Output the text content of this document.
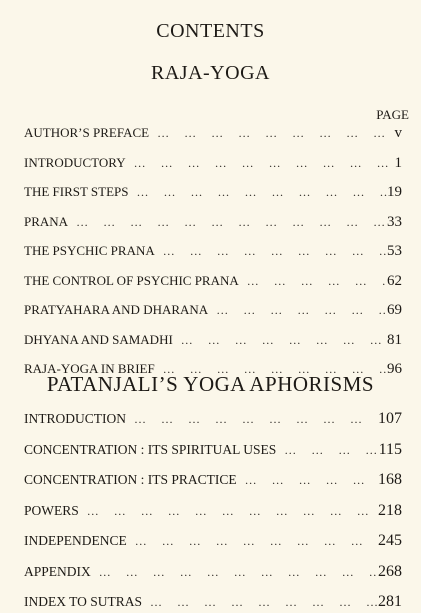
CONTENTS
RAJA-YOGA
PAGE
AUTHOR’S PREFACE … … … … … … … … … … … … … … … … … … … … … …	v
INTRODUCTORY … … … … … … … … … … … … … … … … … … … … … …	1
THE FIRST STEPS … … … … … … … … … … … … … … … … … … … … … …	19
PRANA … … … … … … … … … … … … … … … … … … … … … …	33
THE PSYCHIC PRANA … … … … … … … … … … … … … … … … … … … … … …	53
THE CONTROL OF PSYCHIC PRANA … … … … … … … … … … … … … … … … … … … … … …	62
PRATYAHARA AND DHARANA … … … … … … … … … … … … … … … … … … … … … …	69
DHYANA AND SAMADHI … … … … … … … … … … … … … … … … … … … … … …	81
RAJA-YOGA IN BRIEF … … … … … … … … … … … … … … … … … … … … … …	96
PATANJALI’S YOGA APHORISMS
INTRODUCTION … … … … … … … … … … … … … … … … … … … … … …	107
CONCENTRATION : ITS SPIRITUAL USES … … … … … … … … … … … … … … … … … … … … … …	115
CONCENTRATION : ITS PRACTICE … … … … … … … … … … … … … … … … … … … … … …	168
POWERS … … … … … … … … … … … … … … … … … … … … … …	218
INDEPENDENCE … … … … … … … … … … … … … … … … … … … … … …	245
APPENDIX … … … … … … … … … … … … … … … … … … … … … …	268
INDEX TO SUTRAS … … … … … … … … … … … … … … … … … … … … … …	281
